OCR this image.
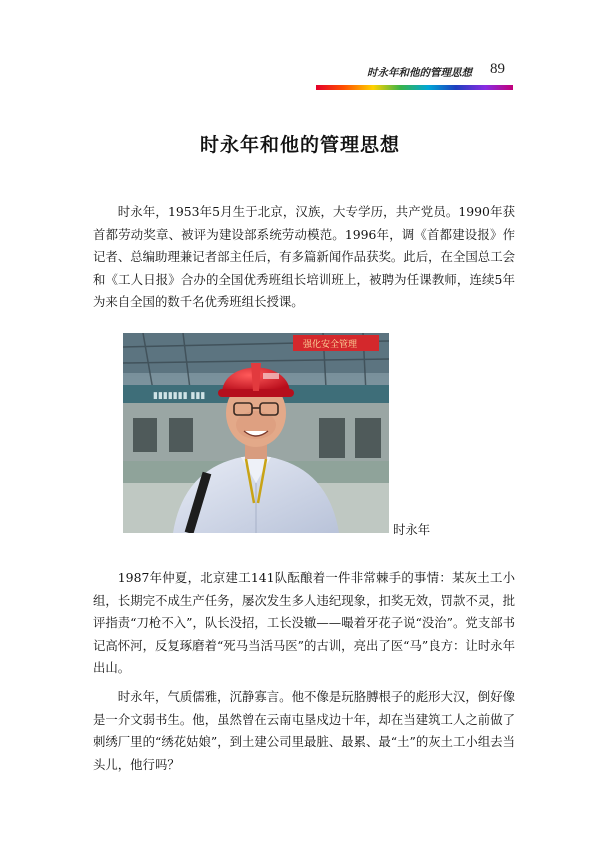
时永年和他的管理思想 89
时永年和他的管理思想

时永年，1953年5月生于北京，汉族，大专学历，共产党员。1990年获首都劳动奖章、被评为建设部系统劳动模范。1996年，调《首都建设报》作记者、总编助理兼记者部主任后，有多篇新闻作品获奖。此后，在全国总工会和《工人日报》合办的全国优秀班组长培训班上，被聘为任课教师，连续5年为来自全国的数千名优秀班组长授课。

▮▮▮▮▮▮▮ ▮▮▮
强化安全管理
时永年

1987年仲夏，北京建工141队酝酿着一件非常棘手的事情：某灰土工小组，长期完不成生产任务，屡次发生多人违纪现象，扣奖无效，罚款不灵，批评指责“刀枪不入”，队长没招，工长没辙——嘬着牙花子说“没治”。党支部书记高怀河，反复琢磨着“死马当活马医”的古训，亮出了医“马”良方：让时永年出山。

时永年，气质儒雅，沉静寡言。他不像是玩胳膊根子的彪形大汉，倒好像是一介文弱书生。他，虽然曾在云南屯垦戍边十年，却在当建筑工人之前做了刺绣厂里的“绣花姑娘”，到土建公司里最脏、最累、最“土”的灰土工小组去当头儿，他行吗？
